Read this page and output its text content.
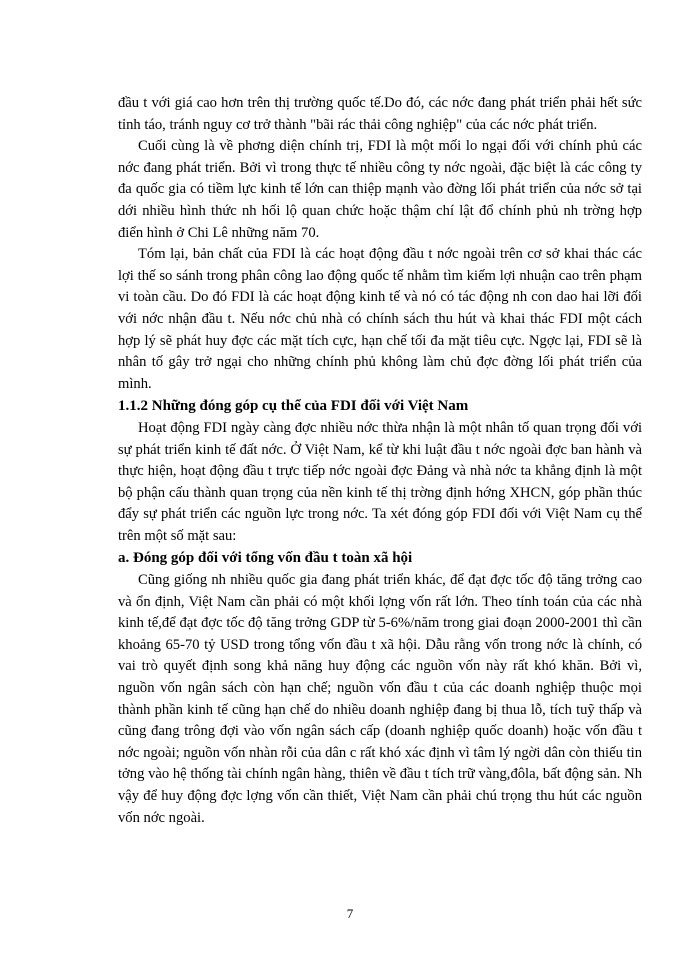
đầu t với giá cao hơn trên thị trường quốc tế.Do đó, các nớc đang phát triển phải hết sức tỉnh táo, tránh nguy cơ trở thành "bãi rác thải công nghiệp" của các nớc phát triển.

Cuối cùng là về phơng diện chính trị, FDI là một mối lo ngại đối với chính phủ các nớc đang phát triển. Bởi vì trong thực tế nhiều công ty nớc ngoài, đặc biệt là các công ty đa quốc gia có tiềm lực kinh tế lớn can thiệp mạnh vào đờng lối phát triển của nớc sở tại dới nhiều hình thức nh hối lộ quan chức hoặc thậm chí lật đổ chính phủ nh trờng hợp điển hình ở Chi Lê những năm 70.

Tóm lại, bản chất của FDI là các hoạt động đầu t nớc ngoài trên cơ sở khai thác các lợi thế so sánh trong phân công lao động quốc tế nhằm tìm kiếm lợi nhuận cao trên phạm vi toàn cầu. Do đó FDI là các hoạt động kinh tế và nó có tác động nh con dao hai lỡi đối với nớc nhận đầu t. Nếu nớc chủ nhà có chính sách thu hút và khai thác FDI một cách hợp lý sẽ phát huy đợc các mặt tích cực, hạn chế tối đa mặt tiêu cực. Ngợc lại, FDI sẽ là nhân tố gây trở ngại cho những chính phủ không làm chủ đợc đờng lối phát triển của mình.

1.1.2 Những đóng góp cụ thể của FDI đối với Việt Nam

Hoạt động FDI ngày càng đợc nhiều nớc thừa nhận là một nhân tố quan trọng đối với sự phát triển kinh tế đất nớc. Ở Việt Nam, kể từ khi luật đầu t nớc ngoài đợc ban hành và thực hiện, hoạt động đầu t trực tiếp nớc ngoài đợc Đảng và nhà nớc ta khẳng định là một bộ phận cấu thành quan trọng của nền kinh tế thị trờng định hớng XHCN, góp phần thúc đẩy sự phát triển các nguồn lực trong nớc. Ta xét đóng góp FDI đối với Việt Nam cụ thể trên một số mặt sau:

a. Đóng góp đối với tổng vốn đầu t toàn xã hội

Cũng giống nh nhiều quốc gia đang phát triển khác, để đạt đợc tốc độ tăng trởng cao và ổn định, Việt Nam cần phải có một khối lợng vốn rất lớn. Theo tính toán của các nhà kinh tế,để đạt đợc tốc độ tăng trởng GDP từ 5-6%/năm trong giai đoạn 2000-2001 thì cần khoảng 65-70 tỷ USD trong tổng vốn đầu t xã hội. Dẫu rằng vốn trong nớc là chính, có vai trò quyết định song khả năng huy động các nguồn vốn này rất khó khăn. Bởi vì, nguồn vốn ngân sách còn hạn chế; nguồn vốn đầu t của các doanh nghiệp thuộc mọi thành phần kinh tế cũng hạn chế do nhiều doanh nghiệp đang bị thua lỗ, tích tuỹ thấp và cũng đang trông đợi vào vốn ngân sách cấp (doanh nghiệp quốc doanh) hoặc vốn đầu t nớc ngoài; nguồn vốn nhàn rỗi của dân c rất khó xác định vì tâm lý ngời dân còn thiếu tin tởng vào hệ thống tài chính ngân hàng, thiên về đầu t tích trữ vàng,đôla, bất động sản. Nh vậy để huy động đợc lợng vốn cần thiết, Việt Nam cần phải chú trọng thu hút các nguồn vốn nớc ngoài.

7
